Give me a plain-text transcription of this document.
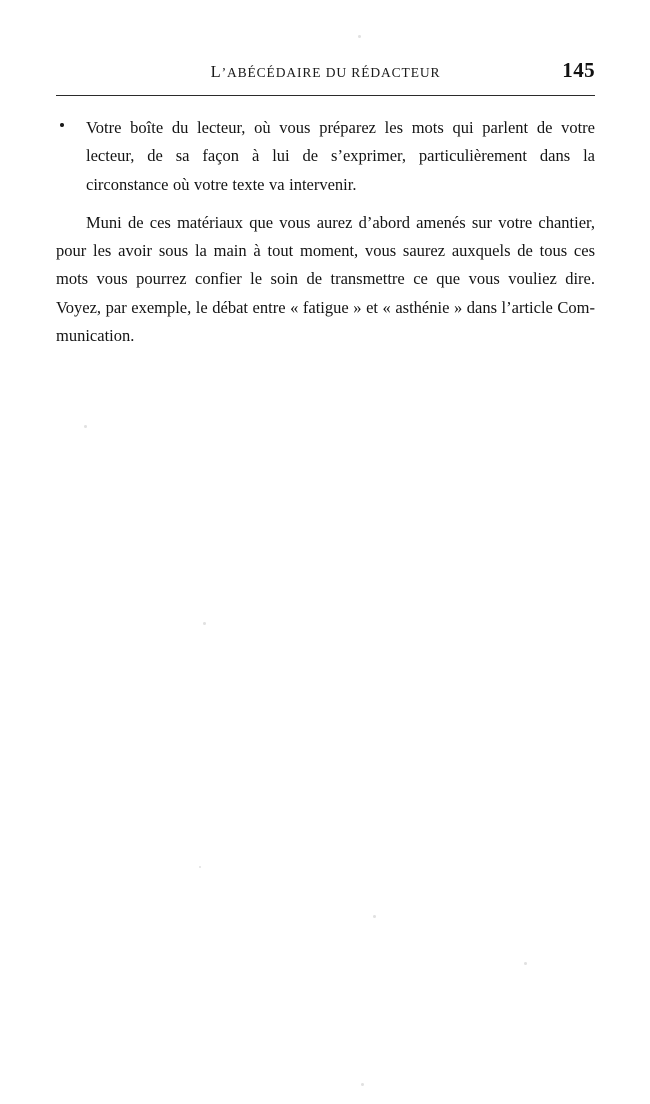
L’ABÉCÉDAIRE DU RÉDACTEUR	145
Votre boîte du lecteur, où vous préparez les mots qui parlent de votre lecteur, de sa façon à lui de s’exprimer, particulièrement dans la circonstance où votre texte va intervenir.

Muni de ces matériaux que vous aurez d’abord amenés sur votre chantier, pour les avoir sous la main à tout moment, vous saurez auxquels de tous ces mots vous pourrez confier le soin de transmettre ce que vous vouliez dire. Voyez, par exemple, le débat entre « fatigue » et « asthénie » dans l’article Communication.
